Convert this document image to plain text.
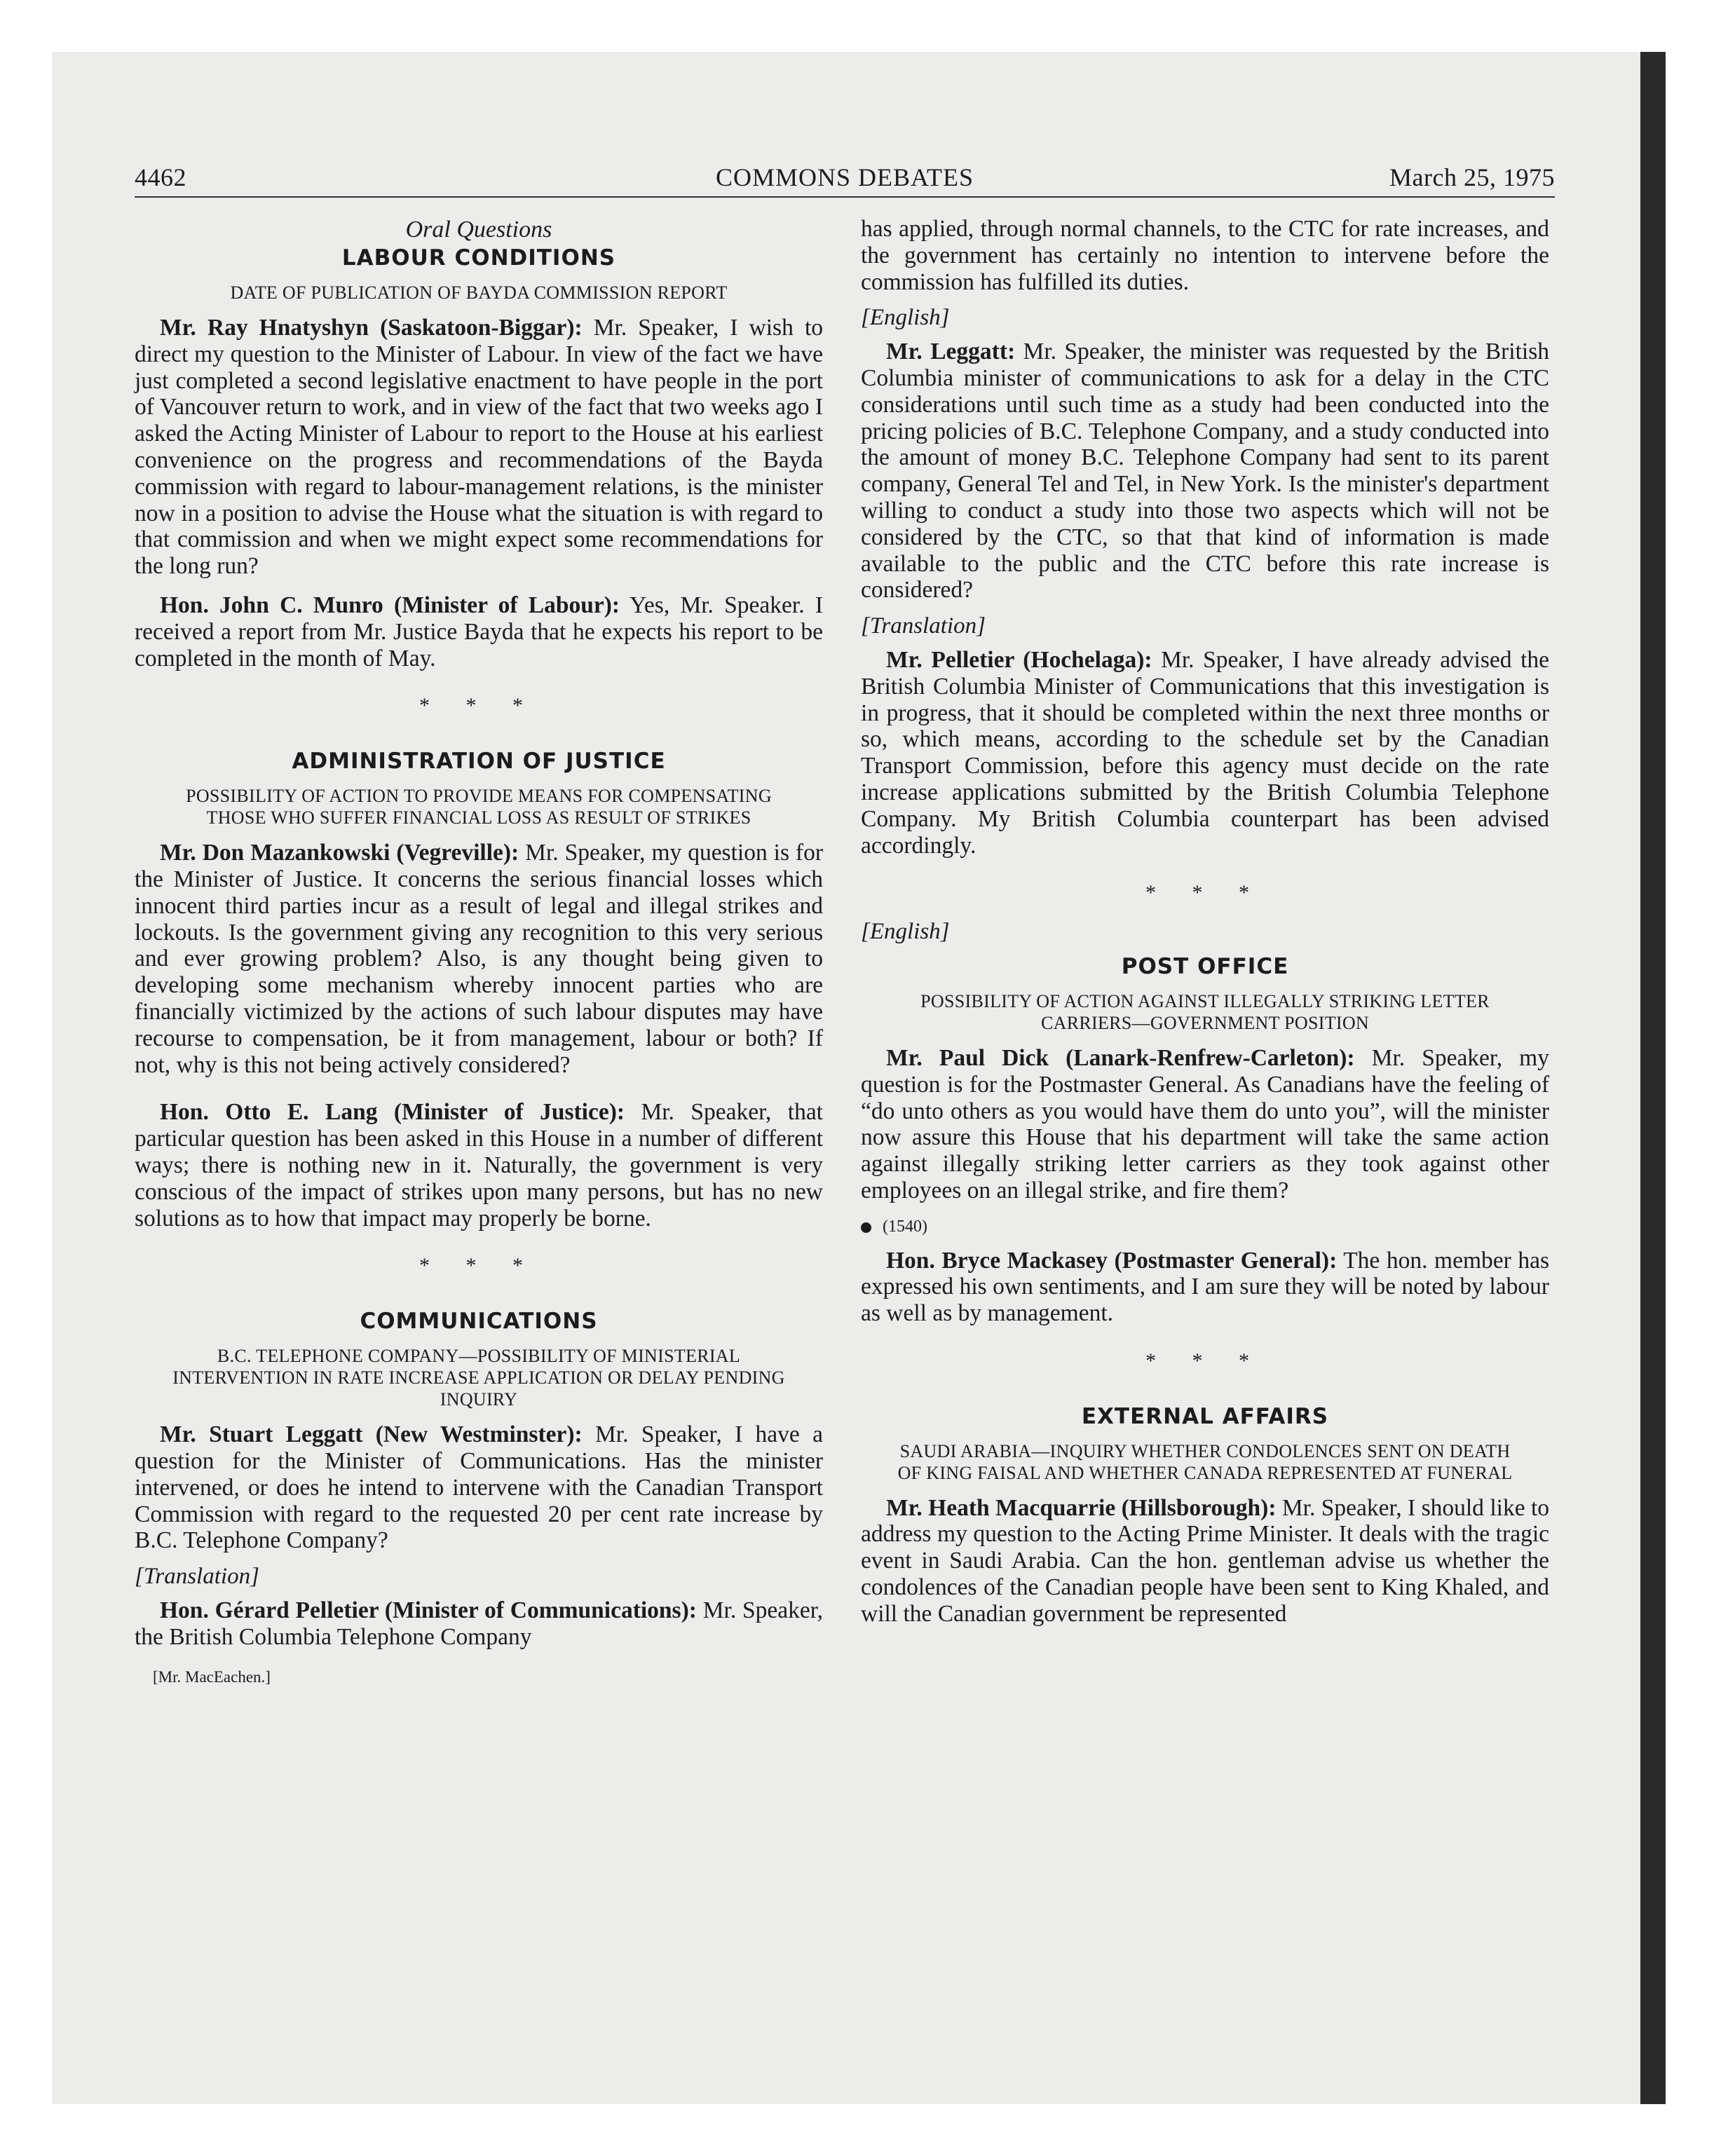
COMMONS DEBATES
4462	March 25, 1975
Oral Questions
LABOUR CONDITIONS
DATE OF PUBLICATION OF BAYDA COMMISSION REPORT

Mr. Ray Hnatyshyn (Saskatoon-Biggar): Mr. Speaker, I wish to direct my question to the Minister of Labour. In view of the fact we have just completed a second legislative enactment to have people in the port of Vancouver return to work, and in view of the fact that two weeks ago I asked the Acting Minister of Labour to report to the House at his earliest convenience on the progress and recommendations of the Bayda commission with regard to labour-management relations, is the minister now in a position to advise the House what the situation is with regard to that commission and when we might expect some recommendations for the long run?

Hon. John C. Munro (Minister of Labour): Yes, Mr. Speaker. I received a report from Mr. Justice Bayda that he expects his report to be completed in the month of May.

* * *
ADMINISTRATION OF JUSTICE
POSSIBILITY OF ACTION TO PROVIDE MEANS FOR COMPENSATING THOSE WHO SUFFER FINANCIAL LOSS AS RESULT OF STRIKES

Mr. Don Mazankowski (Vegreville): Mr. Speaker, my question is for the Minister of Justice. It concerns the serious financial losses which innocent third parties incur as a result of legal and illegal strikes and lockouts. Is the government giving any recognition to this very serious and ever growing problem? Also, is any thought being given to developing some mechanism whereby innocent parties who are financially victimized by the actions of such labour disputes may have recourse to compensation, be it from management, labour or both? If not, why is this not being actively considered?

Hon. Otto E. Lang (Minister of Justice): Mr. Speaker, that particular question has been asked in this House in a number of different ways; there is nothing new in it. Naturally, the government is very conscious of the impact of strikes upon many persons, but has no new solutions as to how that impact may properly be borne.

* * *
COMMUNICATIONS
B.C. TELEPHONE COMPANY—POSSIBILITY OF MINISTERIAL INTERVENTION IN RATE INCREASE APPLICATION OR DELAY PENDING INQUIRY

Mr. Stuart Leggatt (New Westminster): Mr. Speaker, I have a question for the Minister of Communications. Has the minister intervened, or does he intend to intervene with the Canadian Transport Commission with regard to the requested 20 per cent rate increase by B.C. Telephone Company?

[Translation]

Hon. Gérard Pelletier (Minister of Communications): Mr. Speaker, the British Columbia Telephone Company

[Mr. MacEachen.]

has applied, through normal channels, to the CTC for rate increases, and the government has certainly no intention to intervene before the commission has fulfilled its duties.

[English]

Mr. Leggatt: Mr. Speaker, the minister was requested by the British Columbia minister of communications to ask for a delay in the CTC considerations until such time as a study had been conducted into the pricing policies of B.C. Telephone Company, and a study conducted into the amount of money B.C. Telephone Company had sent to its parent company, General Tel and Tel, in New York. Is the minister's department willing to conduct a study into those two aspects which will not be considered by the CTC, so that that kind of information is made available to the public and the CTC before this rate increase is considered?

[Translation]

Mr. Pelletier (Hochelaga): Mr. Speaker, I have already advised the British Columbia Minister of Communications that this investigation is in progress, that it should be completed within the next three months or so, which means, according to the schedule set by the Canadian Transport Commission, before this agency must decide on the rate increase applications submitted by the British Columbia Telephone Company. My British Columbia counterpart has been advised accordingly.

* * *
[English]
POST OFFICE
POSSIBILITY OF ACTION AGAINST ILLEGALLY STRIKING LETTER CARRIERS—GOVERNMENT POSITION

Mr. Paul Dick (Lanark-Renfrew-Carleton): Mr. Speaker, my question is for the Postmaster General. As Canadians have the feeling of “do unto others as you would have them do unto you”, will the minister now assure this House that his department will take the same action against illegally striking letter carriers as they took against other employees on an illegal strike, and fire them?

(1540)

Hon. Bryce Mackasey (Postmaster General): The hon. member has expressed his own sentiments, and I am sure they will be noted by labour as well as by management.

* * *
EXTERNAL AFFAIRS
SAUDI ARABIA—INQUIRY WHETHER CONDOLENCES SENT ON DEATH OF KING FAISAL AND WHETHER CANADA REPRESENTED AT FUNERAL

Mr. Heath Macquarrie (Hillsborough): Mr. Speaker, I should like to address my question to the Acting Prime Minister. It deals with the tragic event in Saudi Arabia. Can the hon. gentleman advise us whether the condolences of the Canadian people have been sent to King Khaled, and will the Canadian government be represented
